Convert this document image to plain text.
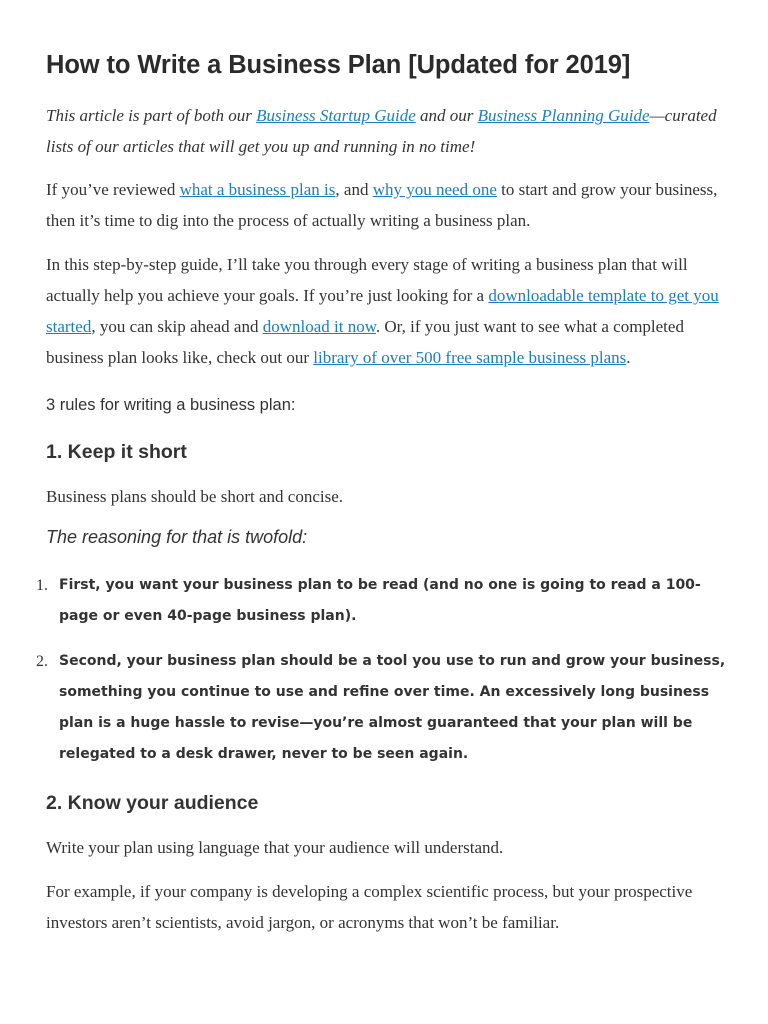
How to Write a Business Plan [Updated for 2019]

This article is part of both our Business Startup Guide and our Business Planning Guide—curated lists of our articles that will get you up and running in no time!

If you’ve reviewed what a business plan is, and why you need one to start and grow your business, then it’s time to dig into the process of actually writing a business plan.

In this step-by-step guide, I’ll take you through every stage of writing a business plan that will actually help you achieve your goals. If you’re just looking for a downloadable template to get you started, you can skip ahead and download it now. Or, if you just want to see what a completed business plan looks like, check out our library of over 500 free sample business plans.

3 rules for writing a business plan:
1. Keep it short

Business plans should be short and concise.

The reasoning for that is twofold:
1. First, you want your business plan to be read (and no one is going to read a 100-page or even 40-page business plan).
2. Second, your business plan should be a tool you use to run and grow your business, something you continue to use and refine over time. An excessively long business plan is a huge hassle to revise—you’re almost guaranteed that your plan will be relegated to a desk drawer, never to be seen again.
2. Know your audience

Write your plan using language that your audience will understand.

For example, if your company is developing a complex scientific process, but your prospective investors aren’t scientists, avoid jargon, or acronyms that won’t be familiar.
